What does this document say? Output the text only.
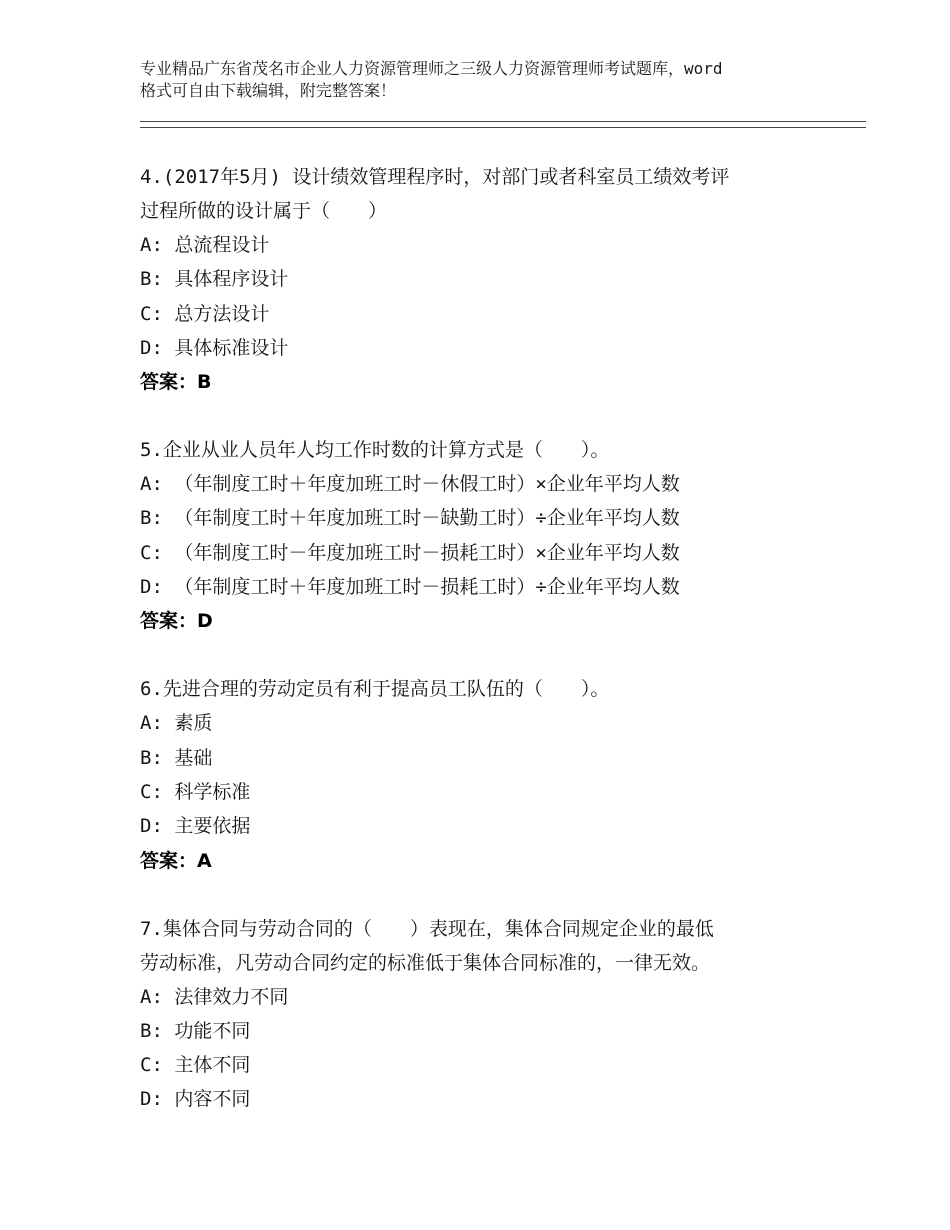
专业精品广东省茂名市企业人力资源管理师之三级人力资源管理师考试题库，word
格式可自由下载编辑，附完整答案！
4.(2017年5月) 设计绩效管理程序时，对部门或者科室员工绩效考评
过程所做的设计属于（　　）
A: 总流程设计
B: 具体程序设计
C: 总方法设计
D: 具体标准设计
答案：B
5.企业从业人员年人均工作时数的计算方式是（　　）。
A: （年制度工时＋年度加班工时－休假工时）×企业年平均人数
B: （年制度工时＋年度加班工时－缺勤工时）÷企业年平均人数
C: （年制度工时－年度加班工时－损耗工时）×企业年平均人数
D: （年制度工时＋年度加班工时－损耗工时）÷企业年平均人数
答案：D
6.先进合理的劳动定员有利于提高员工队伍的（　　）。
A: 素质
B: 基础
C: 科学标准
D: 主要依据
答案：A
7.集体合同与劳动合同的（　　）表现在，集体合同规定企业的最低
劳动标准，凡劳动合同约定的标准低于集体合同标准的，一律无效。
A: 法律效力不同
B: 功能不同
C: 主体不同
D: 内容不同
